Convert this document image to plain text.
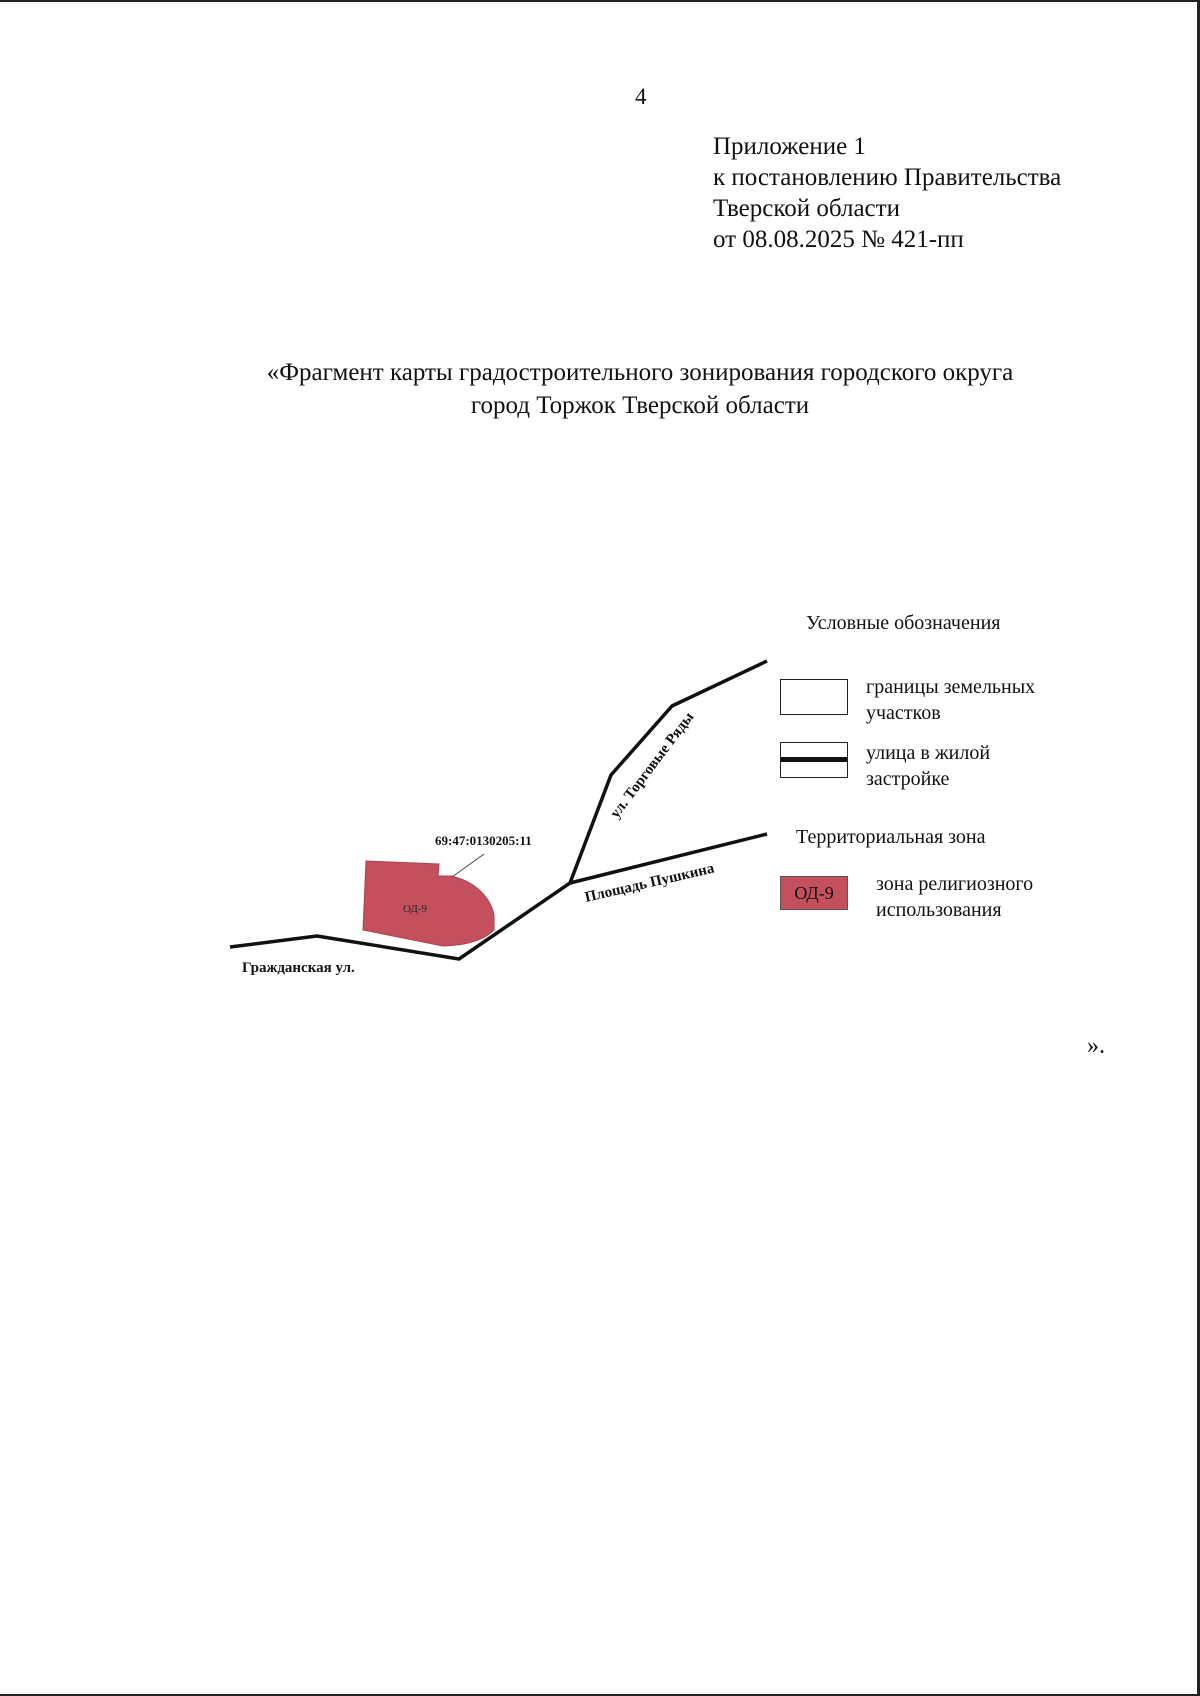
4
Приложение 1
к постановлению Правительства
Тверской области
от 08.08.2025 № 421-пп
«Фрагмент карты градостроительного зонирования городского округа
город Торжок Тверской области
ОД-9
69:47:0130205:11
Гражданская ул.
Площадь Пушкина
ул. Торговые Ряды
Условные обозначения
границы земельных
участков
улица в жилой
застройке
Территориальная зона
ОД-9	зона религиозного
использования
».
